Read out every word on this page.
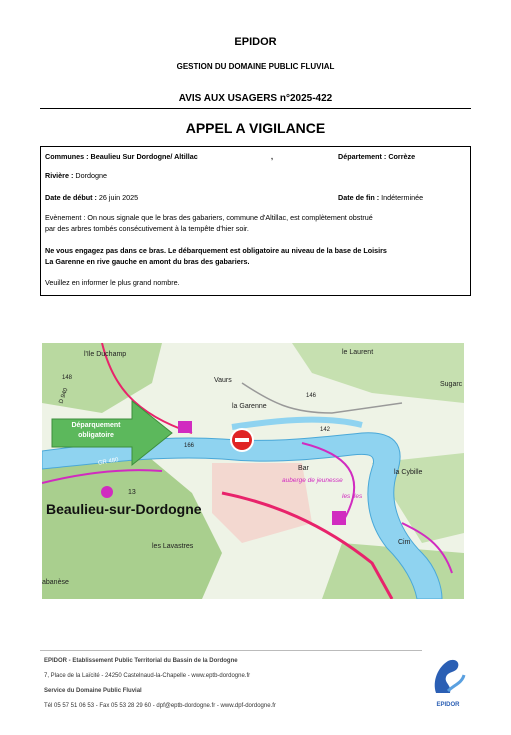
EPIDOR
GESTION DU DOMAINE PUBLIC FLUVIAL
AVIS AUX USAGERS n°2025-422
APPEL A VIGILANCE
Communes : Beaulieu Sur Dordogne/ Altillac	,	Département : Corrèze
Rivière : Dordogne
Date de début : 26 juin 2025	Date de fin : Indéterminée
Evènement : On nous signale que le bras des gabariers, commune d'Altillac, est complètement obstrué
par des arbres tombés consécutivement à la tempête d'hier soir.
Ne vous engagez pas dans ce bras. Le débarquement est obligatoire au niveau de la base de Loisirs
La Garenne en rive gauche en amont du bras des gabariers.
Veuillez en informer le plus grand nombre.
Déparquement
obligatoire
Beaulieu-sur-Dordogne
l'Ile Duchamp	le Laurent
Vaurs
la Garenne
Sugarc
la Cybille
les Lavastres
abanèse
Cim
auberge de jeunesse
les Iles
Bar
D 940
GR 480
148
146
142
13
166
EPIDOR - Etablissement Public Territorial du Bassin de la Dordogne
7, Place de la Laïcité - 24250 Castelnaud-la-Chapelle - www.eptb-dordogne.fr
Service du Domaine Public Fluvial
Tél 05 57 51 06 53 - Fax 05 53 28 29 60 - dpf@eptb-dordogne.fr - www.dpf-dordogne.fr	EPIDOR
